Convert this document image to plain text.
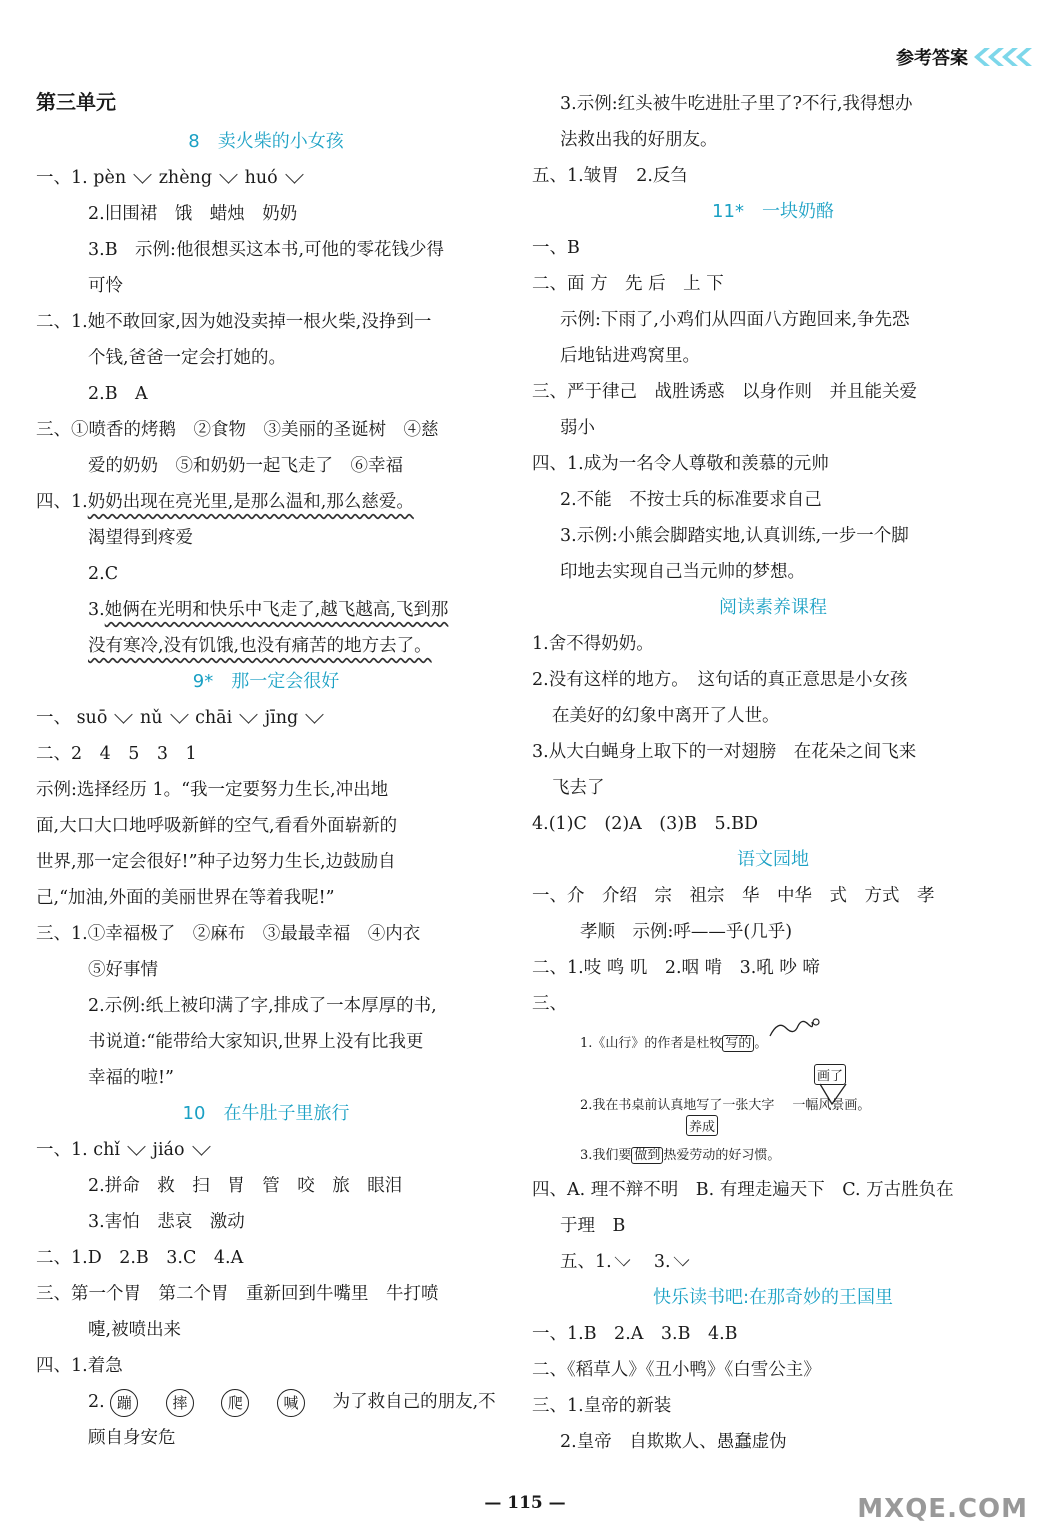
参考答案
第三单元
8　卖火柴的小女孩
一、1. pèn zhèng huó
2.旧围裙　饿　蜡烛　奶奶
3.B　示例:他很想买这本书,可他的零花钱少得
可怜
二、1.她不敢回家,因为她没卖掉一根火柴,没挣到一
个钱,爸爸一定会打她的。
2.B　A
三、①喷香的烤鹅　②食物　③美丽的圣诞树　④慈
爱的奶奶　⑤和奶奶一起飞走了　⑥幸福
四、1.奶奶出现在亮光里,是那么温和,那么慈爱。
渴望得到疼爱
2.C
3.她俩在光明和快乐中飞走了,越飞越高,飞到那
没有寒冷,没有饥饿,也没有痛苦的地方去了。
9*　那一定会很好
一、 suō nǔ chāi jīng
二、2　4　5　3　1
示例:选择经历 1。“我一定要努力生长,冲出地
面,大口大口地呼吸新鲜的空气,看看外面崭新的
世界,那一定会很好!”种子边努力生长,边鼓励自
己,“加油,外面的美丽世界在等着我呢!”
三、1.①幸福极了　②麻布　③最最幸福　④内衣
⑤好事情
2.示例:纸上被印满了字,排成了一本厚厚的书,
书说道:“能带给大家知识,世界上没有比我更
幸福的啦!”
10　在牛肚子里旅行
一、1. chǐ jiáo
2.拼命　救　扫　胃　管　咬　旅　眼泪
3.害怕　悲哀　激动
二、1.D　2.B　3.C　4.A
三、第一个胃　第二个胃　重新回到牛嘴里　牛打喷
嚏,被喷出来
四、1.着急
2. 蹦	摔	爬	喊 为了救自己的朋友,不
顾自身安危
3.示例:红头被牛吃进肚子里了?不行,我得想办
法救出我的好朋友。
五、1.皱胃　2.反刍
11*　一块奶酪
一、B
二、面 方　先 后　上 下
示例:下雨了,小鸡们从四面八方跑回来,争先恐
后地钻进鸡窝里。
三、严于律己　战胜诱惑　以身作则　并且能关爱
弱小
四、1.成为一名令人尊敬和羡慕的元帅
2.不能　不按士兵的标准要求自己
3.示例:小熊会脚踏实地,认真训练,一步一个脚
印地去实现自己当元帅的梦想。
阅读素养课程
1.舍不得奶奶。
2.没有这样的地方。　这句话的真正意思是小女孩
在美好的幻象中离开了人世。
3.从大白蝇身上取下的一对翅膀　在花朵之间飞来
飞去了
4.(1)C　(2)A　(3)B　5.BD
语文园地
一、介　介绍　宗　祖宗　华　中华　式　方式　孝
孝顺　示例:呼——乎(几乎)
二、1.吱 鸣 叽　2.咽 啃　3.吼 吵 啼
三、
1.《山行》的作者是杜牧 写的 。
画了
2.我在书桌前认真地写了一张大字 一幅风景画。
养成
3.我们要 做到 热爱劳动的好习惯。
四、A. 理不辩不明　B. 有理走遍天下　C. 万古胜负在
于理　B
五、1. 3.
快乐读书吧:在那奇妙的王国里
一、1.B　2.A　3.B　4.B
二、《稻草人》《丑小鸭》《白雪公主》
三、1.皇帝的新装
2.皇帝　自欺欺人、愚蠢虚伪
— 115 —	MXQE.COM
